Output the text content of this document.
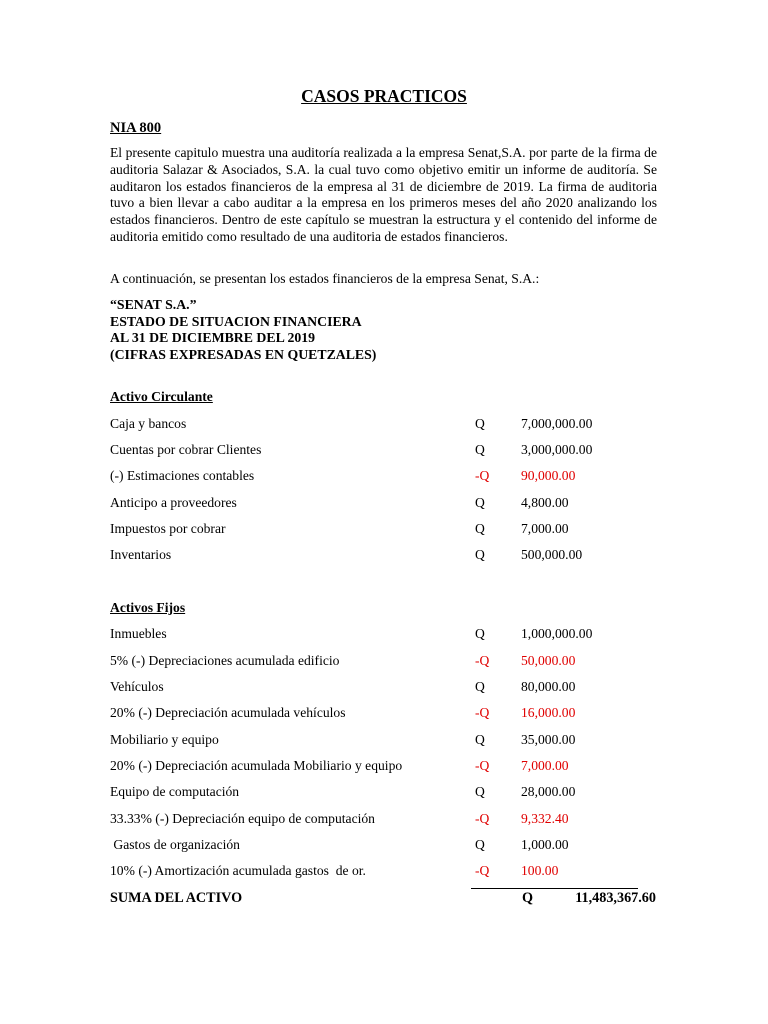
CASOS PRACTICOS
NIA 800

El presente capitulo muestra una auditoría realizada a la empresa Senat,S.A. por parte de la firma de auditoria Salazar & Asociados, S.A. la cual tuvo como objetivo emitir un informe de auditoría. Se auditaron los estados financieros de la empresa al 31 de diciembre de 2019. La firma de auditoria tuvo a bien llevar a cabo auditar a la empresa en los primeros meses del año 2020 analizando los estados financieros. Dentro de este capítulo se muestran la estructura y el contenido del informe de auditoria emitido como resultado de una auditoria de estados financieros.

A continuación, se presentan los estados financieros de la empresa Senat, S.A.:
“SENAT S.A.”
ESTADO DE SITUACION FINANCIERA
AL 31 DE DICIEMBRE DEL 2019
(CIFRAS EXPRESADAS EN QUETZALES)
Activo Circulante
Caja y bancos	Q	7,000,000.00
Cuentas por cobrar Clientes	Q	3,000,000.00
(-) Estimaciones contables	-Q 90,000.00
Anticipo a proveedores	Q	4,800.00
Impuestos por cobrar	Q	7,000.00
Inventarios	Q	500,000.00
Activos Fijos
Inmuebles	Q	1,000,000.00
5% (-) Depreciaciones acumulada edificio	-Q 50,000.00
Vehículos	Q	80,000.00
20% (-) Depreciación acumulada vehículos	-Q 16,000.00
Mobiliario y equipo	Q	35,000.00
20% (-) Depreciación acumulada Mobiliario y equipo	-Q 7,000.00
Equipo de computación	Q	28,000.00
33.33% (-) Depreciación equipo de computación	-Q 9,332.40
Gastos de organización	Q	1,000.00
10% (-) Amortización acumulada gastos  de or.	-Q 100.00
SUMA DEL ACTIVO	Q	11,483,367.60
